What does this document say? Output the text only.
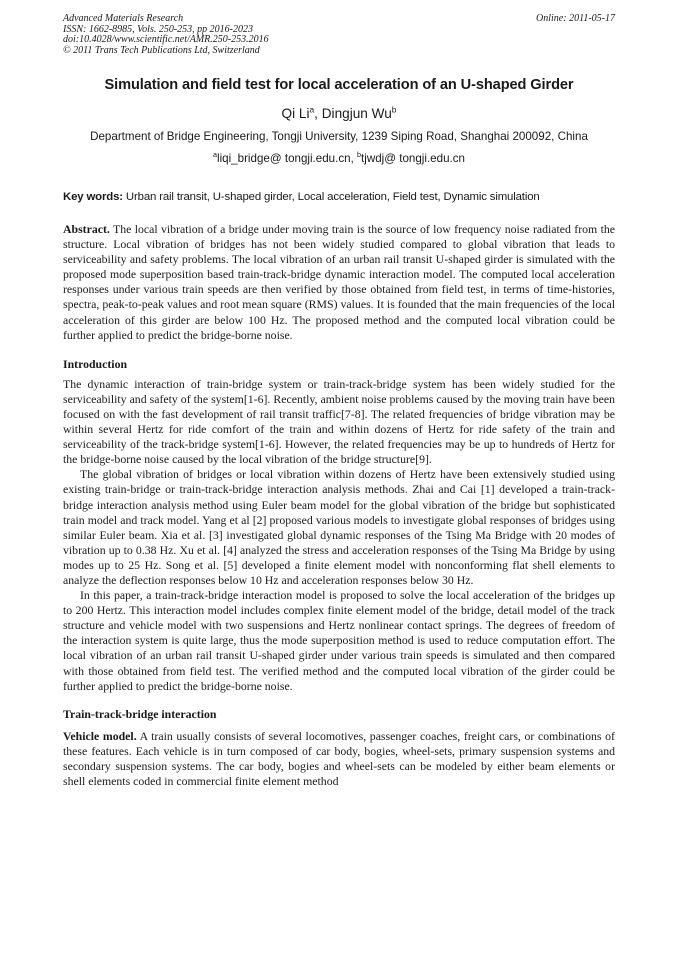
Advanced Materials Research
ISSN: 1662-8985, Vols. 250-253, pp 2016-2023
doi:10.4028/www.scientific.net/AMR.250-253.2016
© 2011 Trans Tech Publications Ltd, Switzerland
Online: 2011-05-17
Simulation and field test for local acceleration of an U-shaped Girder
Qi Li$^a$, Dingjun Wu$^b$
Department of Bridge Engineering, Tongji University, 1239 Siping Road, Shanghai 200092, China
$^a$liqi_bridge@ tongji.edu.cn, $^b$tjwdj@ tongji.edu.cn
Key words: Urban rail transit, U-shaped girder, Local acceleration, Field test, Dynamic simulation

Abstract. The local vibration of a bridge under moving train is the source of low frequency noise radiated from the structure. Local vibration of bridges has not been widely studied compared to global vibration that leads to serviceability and safety problems. The local vibration of an urban rail transit U-shaped girder is simulated with the proposed mode superposition based train-track-bridge dynamic interaction model. The computed local acceleration responses under various train speeds are then verified by those obtained from field test, in terms of time-histories, spectra, peak-to-peak values and root mean square (RMS) values. It is founded that the main frequencies of the local acceleration of this girder are below 100 Hz. The proposed method and the computed local vibration could be further applied to predict the bridge-borne noise.

Introduction

The dynamic interaction of train-bridge system or train-track-bridge system has been widely studied for the serviceability and safety of the system[1-6]. Recently, ambient noise problems caused by the moving train have been focused on with the fast development of rail transit traffic[7-8]. The related frequencies of bridge vibration may be within several Hertz for ride comfort of the train and within dozens of Hertz for ride safety of the train and serviceability of the track-bridge system[1-6]. However, the related frequencies may be up to hundreds of Hertz for the bridge-borne noise caused by the local vibration of the bridge structure[9].

The global vibration of bridges or local vibration within dozens of Hertz have been extensively studied using existing train-bridge or train-track-bridge interaction analysis methods. Zhai and Cai [1] developed a train-track-bridge interaction analysis method using Euler beam model for the global vibration of the bridge but sophisticated train model and track model. Yang et al [2] proposed various models to investigate global responses of bridges using similar Euler beam. Xia et al. [3] investigated global dynamic responses of the Tsing Ma Bridge with 20 modes of vibration up to 0.38 Hz. Xu et al. [4] analyzed the stress and acceleration responses of the Tsing Ma Bridge by using modes up to 25 Hz. Song et al. [5] developed a finite element model with nonconforming flat shell elements to analyze the deflection responses below 10 Hz and acceleration responses below 30 Hz.

In this paper, a train-track-bridge interaction model is proposed to solve the local acceleration of the bridges up to 200 Hertz. This interaction model includes complex finite element model of the bridge, detail model of the track structure and vehicle model with two suspensions and Hertz nonlinear contact springs. The degrees of freedom of the interaction system is quite large, thus the mode superposition method is used to reduce computation effort. The local vibration of an urban rail transit U-shaped girder under various train speeds is simulated and then compared with those obtained from field test. The verified method and the computed local vibration of the girder could be further applied to predict the bridge-borne noise.

Train-track-bridge interaction

Vehicle model. A train usually consists of several locomotives, passenger coaches, freight cars, or combinations of these features. Each vehicle is in turn composed of car body, bogies, wheel-sets, primary suspension systems and secondary suspension systems. The car body, bogies and wheel-sets can be modeled by either beam elements or shell elements coded in commercial finite element method
